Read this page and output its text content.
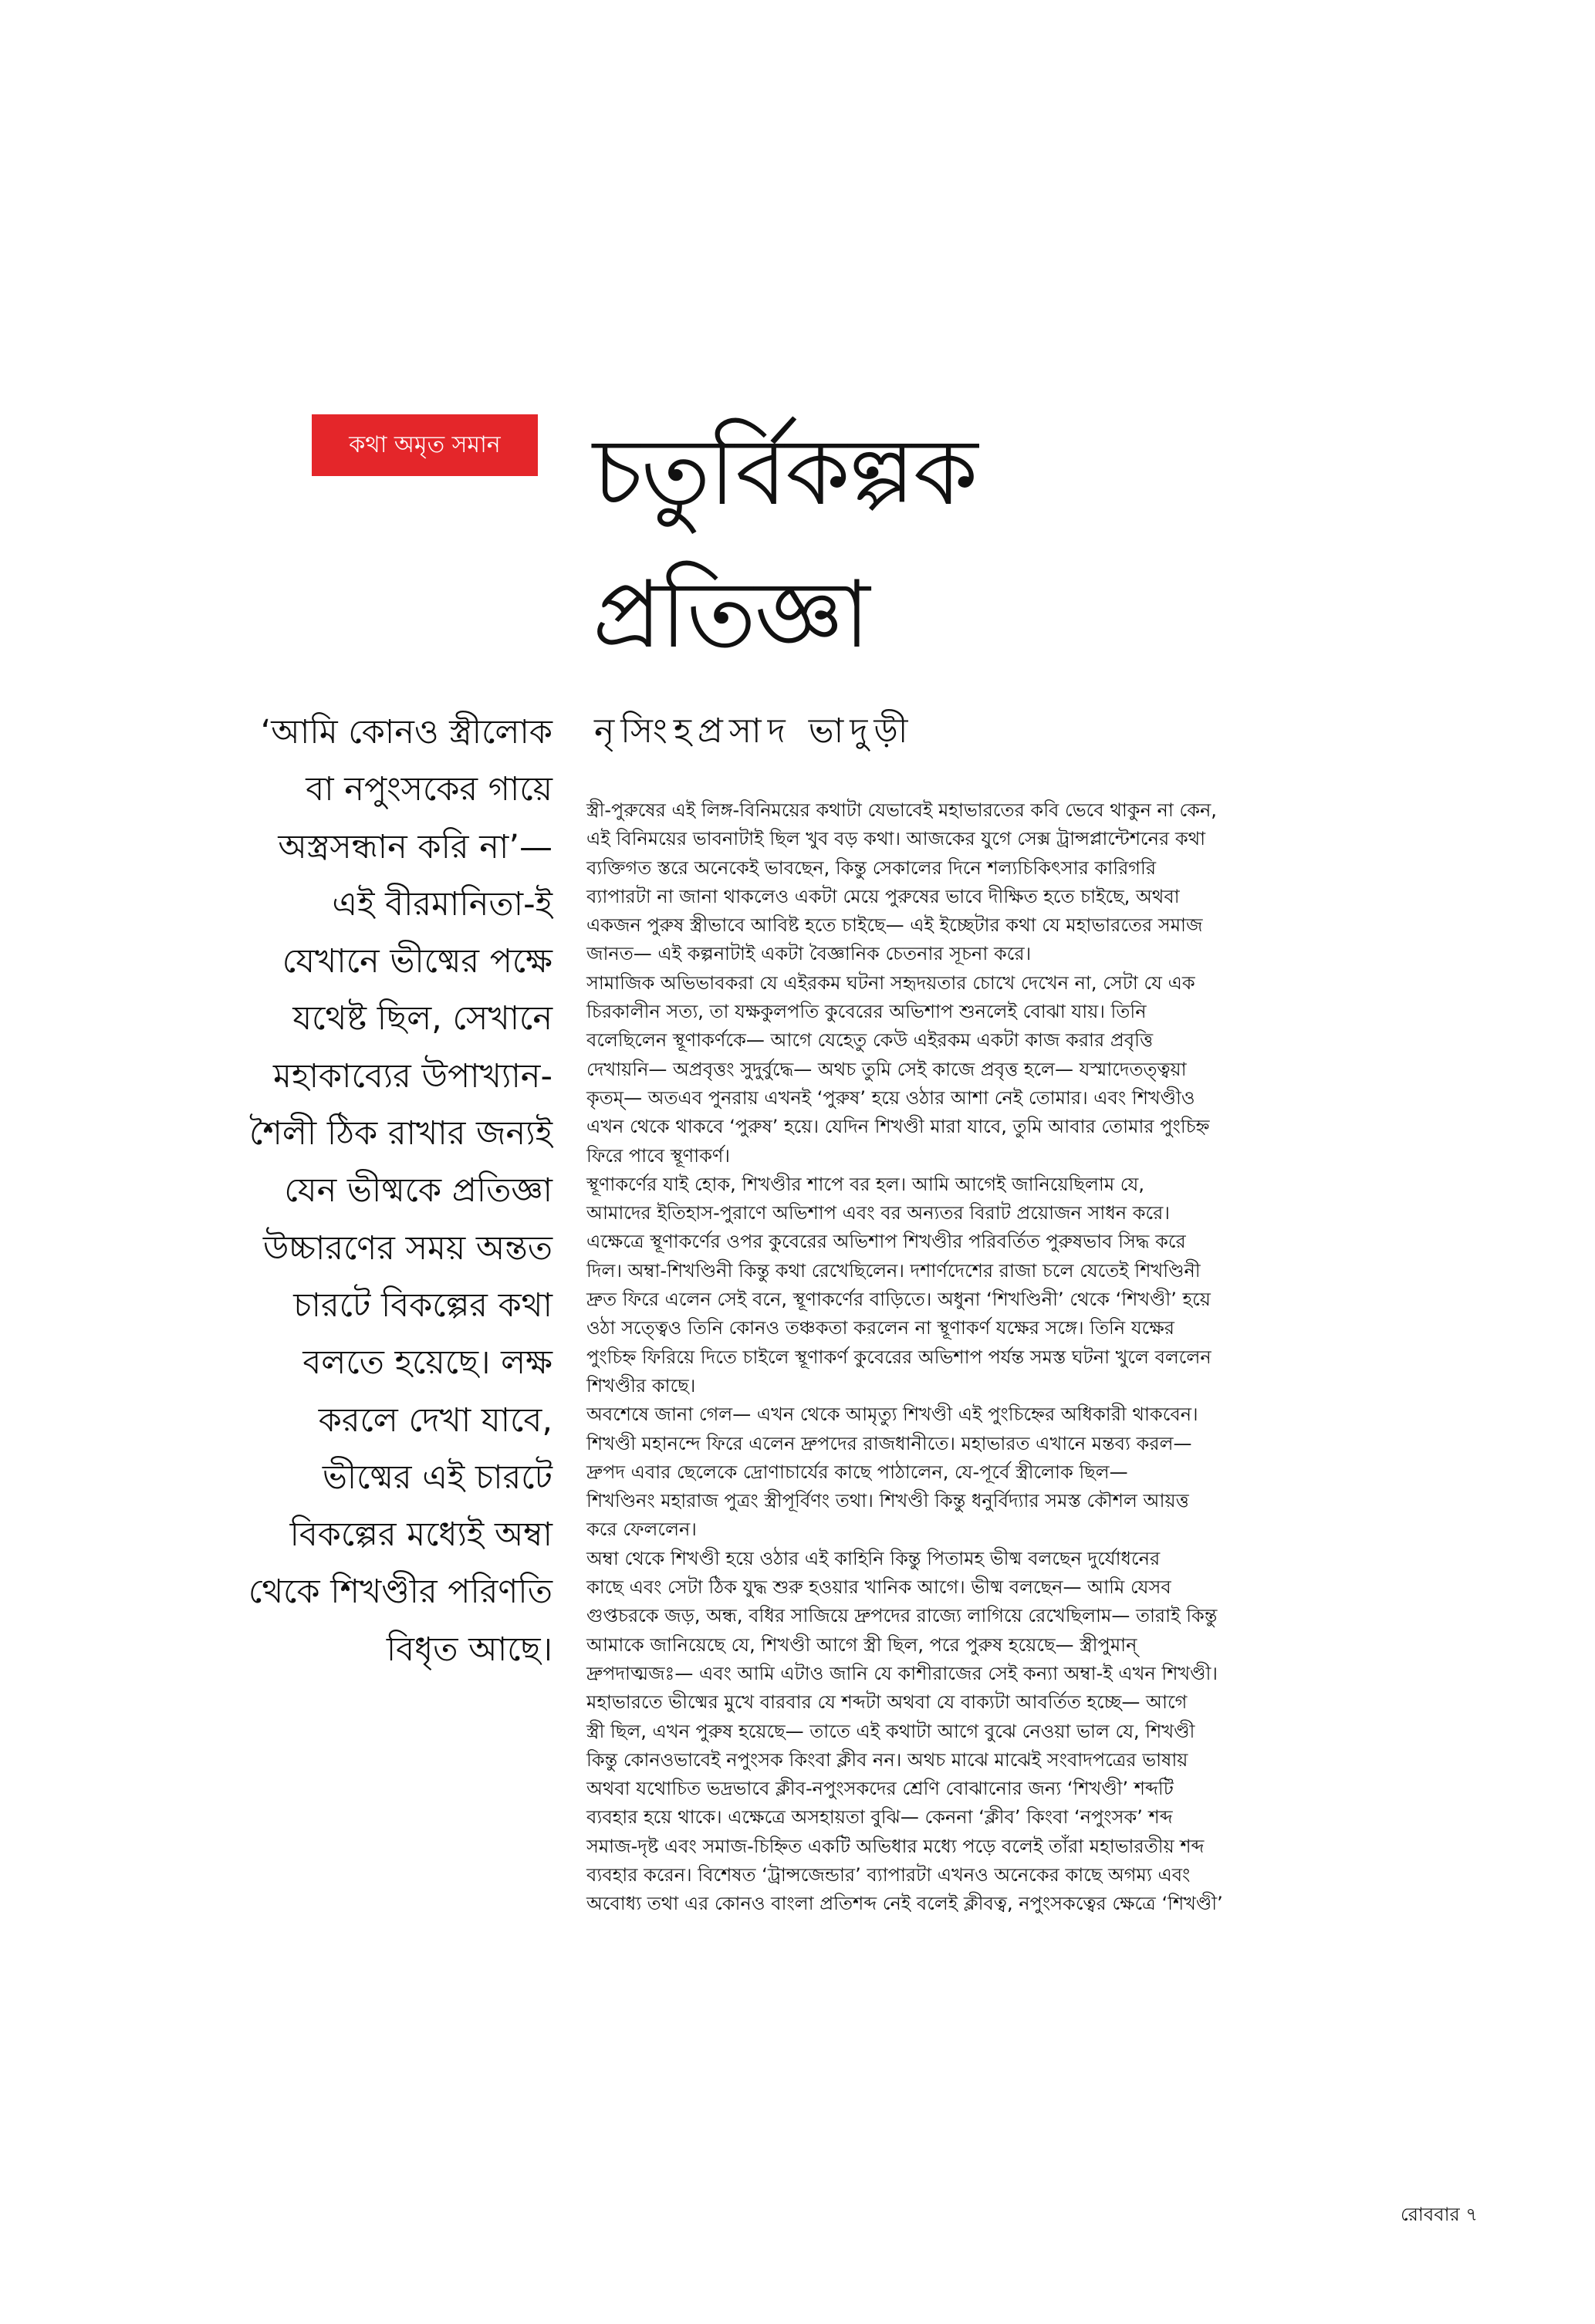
কথা অমৃত সমান চতুর্বিকল্পক
প্রতিজ্ঞা
নৃসিংহপ্রসাদ ভাদুড়ী
‘আমি কোনও স্ত্রীলোক
বা নপুংসকের গায়ে
অস্ত্রসন্ধান করি না’—
এই বীরমানিতা-ই
যেখানে ভীষ্মের পক্ষে
যথেষ্ট ছিল, সেখানে
মহাকাব্যের উপাখ্যান-
শৈলী ঠিক রাখার জন্যই
যেন ভীষ্মকে প্রতিজ্ঞা
উচ্চারণের সময় অন্তত
চারটে বিকল্পের কথা
বলতে হয়েছে। লক্ষ
করলে দেখা যাবে,
ভীষ্মের এই চারটে
বিকল্পের মধ্যেই অম্বা
থেকে শিখণ্ডীর পরিণতি
বিধৃত আছে।
স্ত্রী-পুরুষের এই লিঙ্গ-বিনিময়ের কথাটা যেভাবেই মহাভারতের কবি ভেবে থাকুন না কেন,
এই বিনিময়ের ভাবনাটাই ছিল খুব বড় কথা। আজকের যুগে সেক্স ট্রান্সপ্লান্টেশনের কথা
ব্যক্তিগত স্তরে অনেকেই ভাবছেন, কিন্তু সেকালের দিনে শল্যচিকিৎসার কারিগরি
ব্যাপারটা না জানা থাকলেও একটা মেয়ে পুরুষের ভাবে দীক্ষিত হতে চাইছে, অথবা
একজন পুরুষ স্ত্রীভাবে আবিষ্ট হতে চাইছে— এই ইচ্ছেটার কথা যে মহাভারতের সমাজ
জানত— এই কল্পনাটাই একটা বৈজ্ঞানিক চেতনার সূচনা করে।
সামাজিক অভিভাবকরা যে এইরকম ঘটনা সহৃদয়তার চোখে দেখেন না, সেটা যে এক
চিরকালীন সত্য, তা যক্ষকুলপতি কুবেরের অভিশাপ শুনলেই বোঝা যায়। তিনি
বলেছিলেন স্থূণাকর্ণকে— আগে যেহেতু কেউ এইরকম একটা কাজ করার প্রবৃত্তি
দেখায়নি— অপ্রবৃত্তং সুদুর্বুদ্ধে— অথচ তুমি সেই কাজে প্রবৃত্ত হলে— যস্মাদেতত্ত্বয়া
কৃতম্— অতএব পুনরায় এখনই ‘পুরুষ’ হয়ে ওঠার আশা নেই তোমার। এবং শিখণ্ডীও
এখন থেকে থাকবে ‘পুরুষ’ হয়ে। যেদিন শিখণ্ডী মারা যাবে, তুমি আবার তোমার পুংচিহ্ন
ফিরে পাবে স্থূণাকর্ণ।
স্থূণাকর্ণের যাই হোক, শিখণ্ডীর শাপে বর হল। আমি আগেই জানিয়েছিলাম যে,
আমাদের ইতিহাস-পুরাণে অভিশাপ এবং বর অন্যতর বিরাট প্রয়োজন সাধন করে।
এক্ষেত্রে স্থূণাকর্ণের ওপর কুবেরের অভিশাপ শিখণ্ডীর পরিবর্তিত পুরুষভাব সিদ্ধ করে
দিল। অম্বা-শিখণ্ডিনী কিন্তু কথা রেখেছিলেন। দশার্ণদেশের রাজা চলে যেতেই শিখণ্ডিনী
দ্রুত ফিরে এলেন সেই বনে, স্থূণাকর্ণের বাড়িতে। অধুনা ‘শিখণ্ডিনী’ থেকে ‘শিখণ্ডী’ হয়ে
ওঠা সত্ত্বেও তিনি কোনও তঞ্চকতা করলেন না স্থূণাকর্ণ যক্ষের সঙ্গে। তিনি যক্ষের
পুংচিহ্ন ফিরিয়ে দিতে চাইলে স্থূণাকর্ণ কুবেরের অভিশাপ পর্যন্ত সমস্ত ঘটনা খুলে বললেন
শিখণ্ডীর কাছে।
অবশেষে জানা গেল— এখন থেকে আমৃত্যু শিখণ্ডী এই পুংচিহ্নের অধিকারী থাকবেন।
শিখণ্ডী মহানন্দে ফিরে এলেন দ্রুপদের রাজধানীতে। মহাভারত এখানে মন্তব্য করল—
দ্রুপদ এবার ছেলেকে দ্রোণাচার্যের কাছে পাঠালেন, যে-পূর্বে স্ত্রীলোক ছিল—
শিখণ্ডিনং মহারাজ পুত্রং স্ত্রীপূর্বিণং তথা। শিখণ্ডী কিন্তু ধনুর্বিদ্যার সমস্ত কৌশল আয়ত্ত
করে ফেললেন।
অম্বা থেকে শিখণ্ডী হয়ে ওঠার এই কাহিনি কিন্তু পিতামহ ভীষ্ম বলছেন দুর্যোধনের
কাছে এবং সেটা ঠিক যুদ্ধ শুরু হওয়ার খানিক আগে। ভীষ্ম বলছেন— আমি যেসব
গুপ্তচরকে জড়, অন্ধ, বধির সাজিয়ে দ্রুপদের রাজ্যে লাগিয়ে রেখেছিলাম— তারাই কিন্তু
আমাকে জানিয়েছে যে, শিখণ্ডী আগে স্ত্রী ছিল, পরে পুরুষ হয়েছে— স্ত্রীপুমান্
দ্রুপদাত্মজঃ— এবং আমি এটাও জানি যে কাশীরাজের সেই কন্যা অম্বা-ই এখন শিখণ্ডী।
মহাভারতে ভীষ্মের মুখে বারবার যে শব্দটা অথবা যে বাক্যটা আবর্তিত হচ্ছে— আগে
স্ত্রী ছিল, এখন পুরুষ হয়েছে— তাতে এই কথাটা আগে বুঝে নেওয়া ভাল যে, শিখণ্ডী
কিন্তু কোনওভাবেই নপুংসক কিংবা ক্লীব নন। অথচ মাঝে মাঝেই সংবাদপত্রের ভাষায়
অথবা যথোচিত ভদ্রভাবে ক্লীব-নপুংসকদের শ্রেণি বোঝানোর জন্য ‘শিখণ্ডী’ শব্দটি
ব্যবহার হয়ে থাকে। এক্ষেত্রে অসহায়তা বুঝি— কেননা ‘ক্লীব’ কিংবা ‘নপুংসক’ শব্দ
সমাজ-দৃষ্ট এবং সমাজ-চিহ্নিত একটি অভিধার মধ্যে পড়ে বলেই তাঁরা মহাভারতীয় শব্দ
ব্যবহার করেন। বিশেষত ‘ট্রান্সজেন্ডার’ ব্যাপারটা এখনও অনেকের কাছে অগম্য এবং
অবোধ্য তথা এর কোনও বাংলা প্রতিশব্দ নেই বলেই ক্লীবত্ব, নপুংসকত্বের ক্ষেত্রে ‘শিখণ্ডী’
রোববার ৭
